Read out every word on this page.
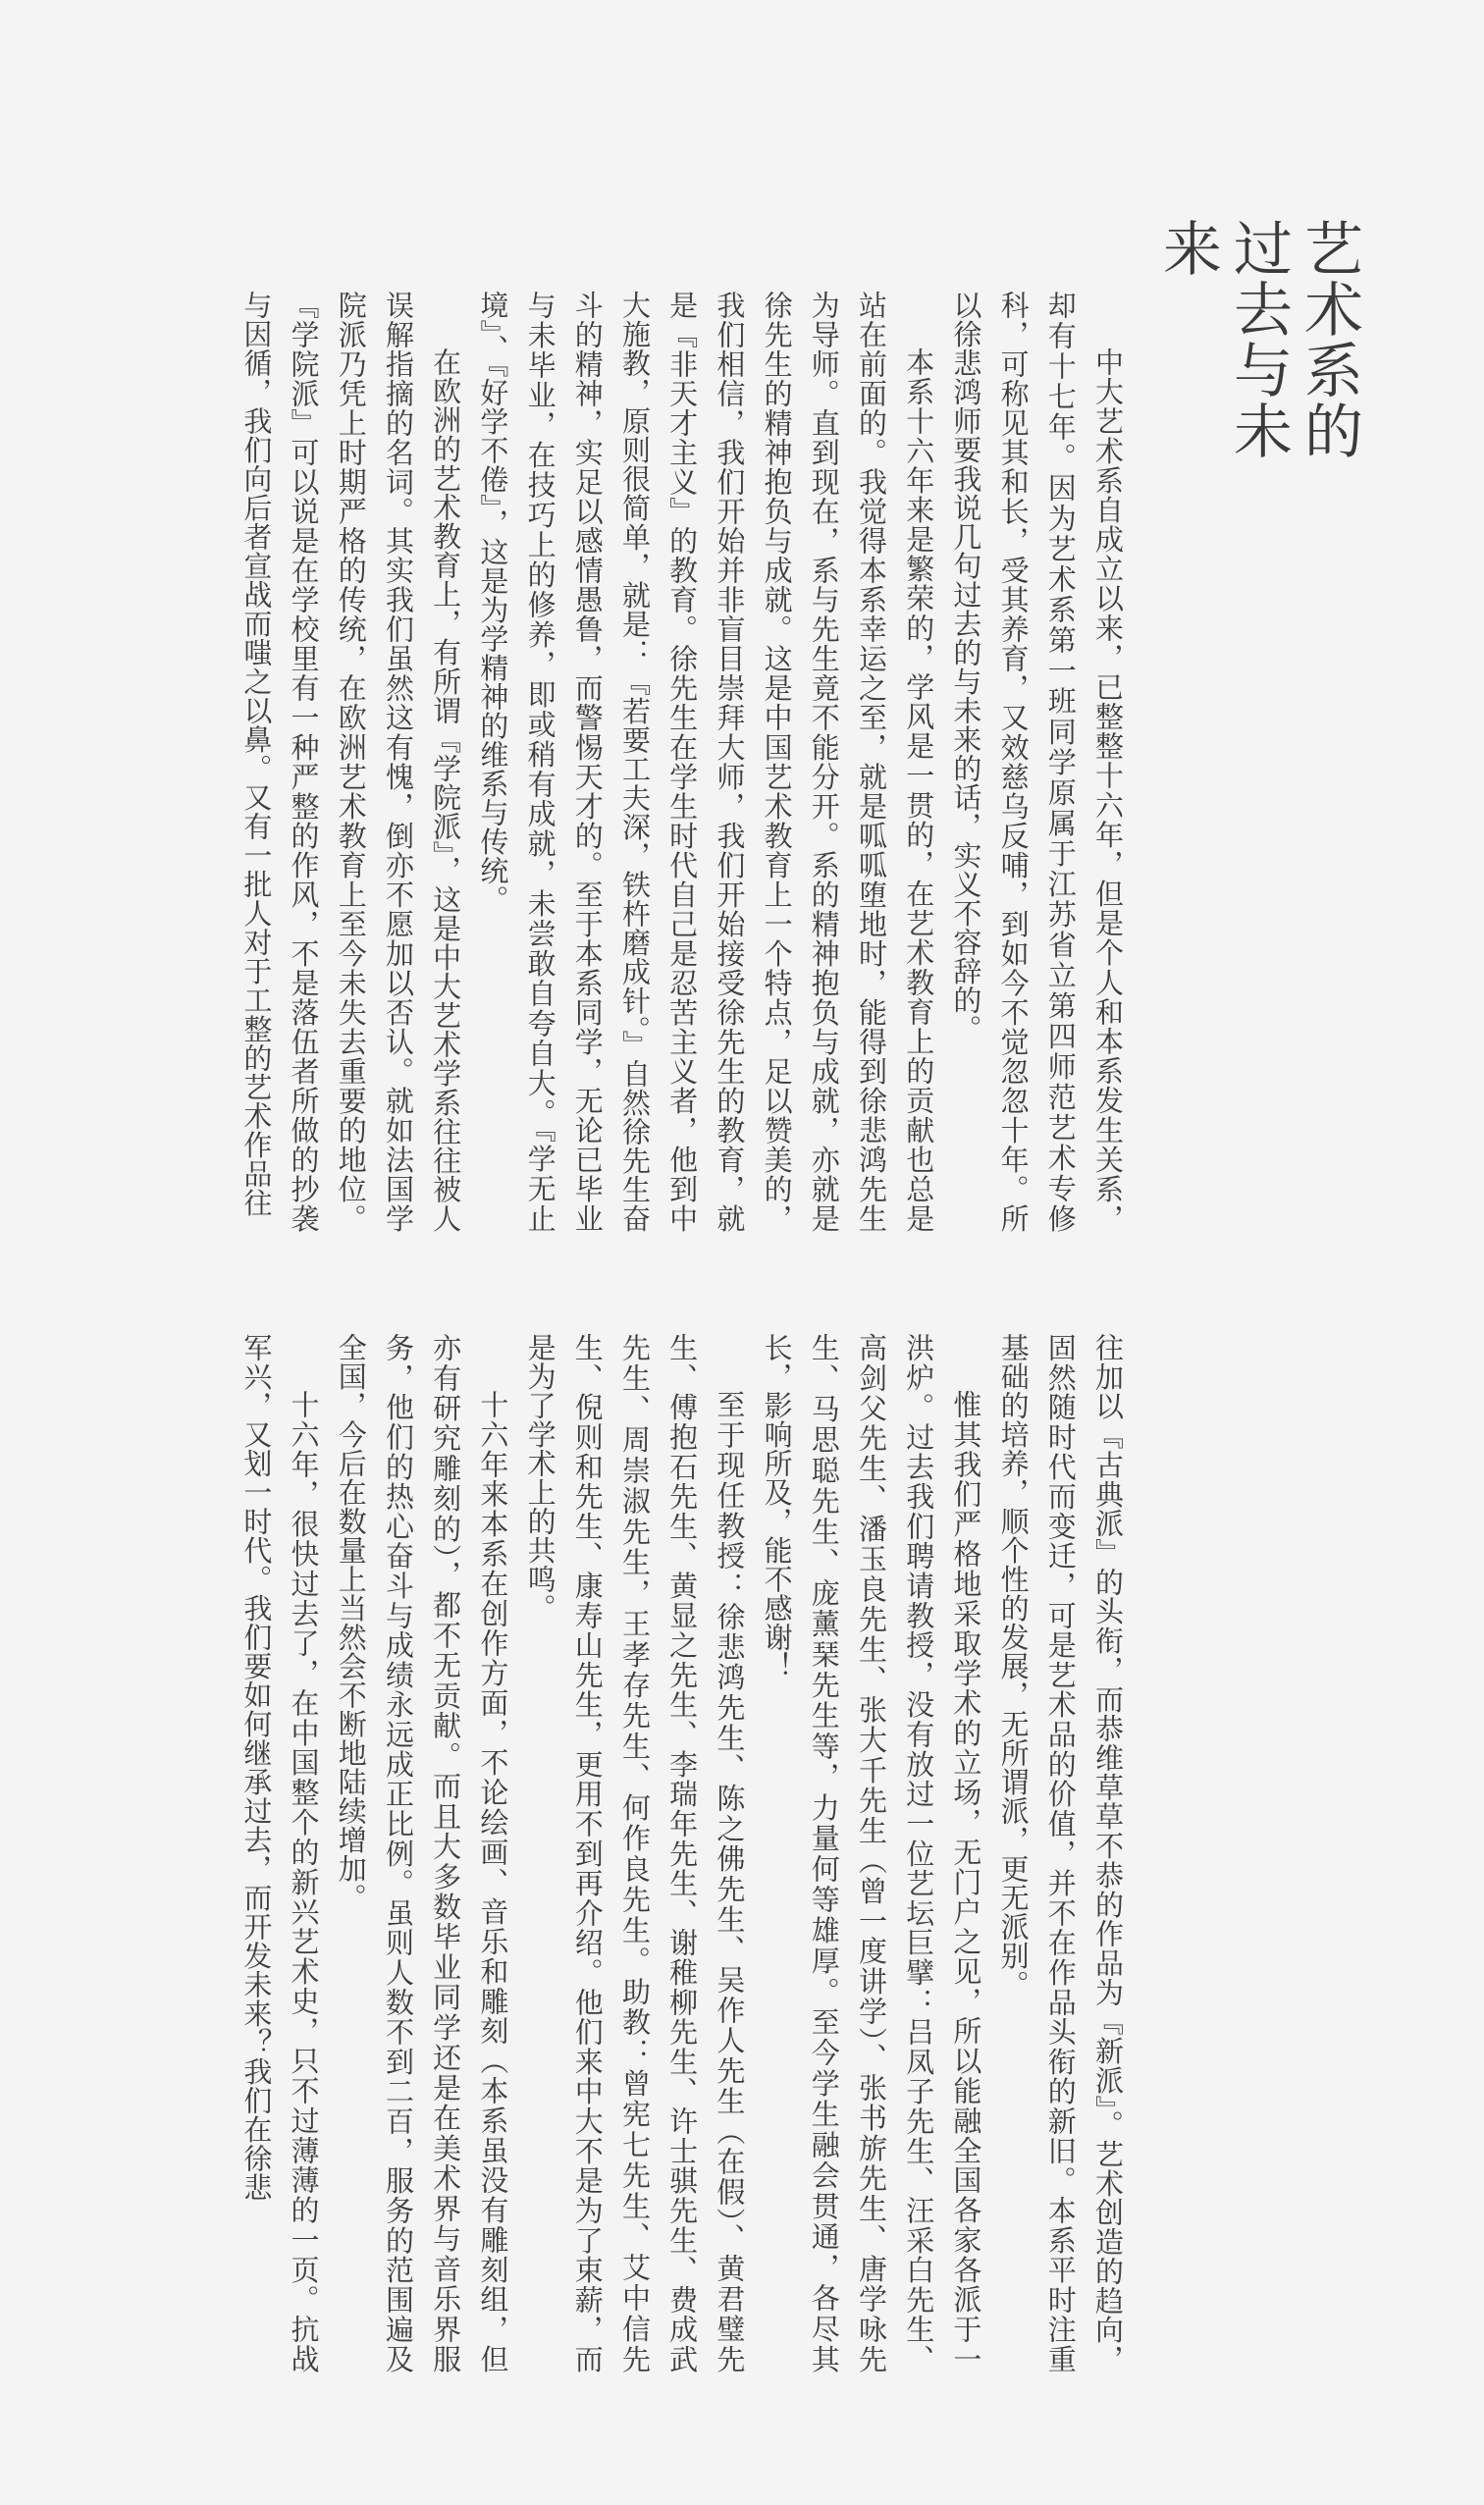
艺术系的
过去与未来

中大艺术系自成立以来，已整整十六年，但是个人和本系发生关系，却有十七年。因为艺术系第一班同学原属于江苏省立第四师范艺术专修科，可称见其和长，受其养育，又效慈乌反哺，到如今不觉忽忽十年。所以徐悲鸿师要我说几句过去的与未来的话，实义不容辞的。

本系十六年来是繁荣的，学风是一贯的，在艺术教育上的贡献也总是站在前面的。我觉得本系幸运之至，就是呱呱堕地时，能得到徐悲鸿先生为导师。直到现在，系与先生竟不能分开。系的精神抱负与成就，亦就是徐先生的精神抱负与成就。这是中国艺术教育上一个特点，足以赞美的，我们相信，我们开始并非盲目崇拜大师，我们开始接受徐先生的教育，就是『非天才主义』的教育。徐先生在学生时代自己是忍苦主义者，他到中大施教，原则很简单，就是：『若要工夫深，铁杵磨成针。』自然徐先生奋斗的精神，实足以感情愚鲁，而警惕天才的。至于本系同学，无论已毕业与未毕业，在技巧上的修养，即或稍有成就，未尝敢自夸自大。『学无止境』、『好学不倦』，这是为学精神的维系与传统。

在欧洲的艺术教育上，有所谓『学院派』，这是中大艺术学系往往被人误解指摘的名词。其实我们虽然这有愧，倒亦不愿加以否认。就如法国学院派乃凭上时期严格的传统，在欧洲艺术教育上至今未失去重要的地位。『学院派』可以说是在学校里有一种严整的作风，不是落伍者所做的抄袭与因循，我们向后者宣战而嗤之以鼻。又有一批人对于工整的艺术作品往

往加以『古典派』的头衔，而恭维草草不恭的作品为『新派』。艺术创造的趋向，固然随时代而变迁，可是艺术品的价值，并不在作品头衔的新旧。本系平时注重基础的培养，顺个性的发展，无所谓派，更无派别。

惟其我们严格地采取学术的立场，无门户之见，所以能融全国各家各派于一洪炉。过去我们聘请教授，没有放过一位艺坛巨擘：吕凤子先生、汪采白先生、高剑父先生、潘玉良先生、张大千先生（曾一度讲学）、张书旂先生、唐学咏先生、马思聪先生、庞薰琹先生等，力量何等雄厚。至今学生融会贯通，各尽其长，影响所及，能不感谢！

至于现任教授：徐悲鸿先生、陈之佛先生、吴作人先生（在假）、黄君璧先生、傅抱石先生、黄显之先生、李瑞年先生、谢稚柳先生、许士骐先生、费成武先生、周崇淑先生，王孝存先生、何作良先生。助教：曾宪七先生、艾中信先生、倪则和先生、康寿山先生，更用不到再介绍。他们来中大不是为了束薪，而是为了学术上的共鸣。

十六年来本系在创作方面，不论绘画、音乐和雕刻（本系虽没有雕刻组，但亦有研究雕刻的），都不无贡献。而且大多数毕业同学还是在美术界与音乐界服务，他们的热心奋斗与成绩永远成正比例。虽则人数不到二百，服务的范围遍及全国，今后在数量上当然会不断地陆续增加。

十六年，很快过去了，在中国整个的新兴艺术史，只不过薄薄的一页。抗战军兴，又划一时代。我们要如何继承过去，而开发未来？我们在徐悲
